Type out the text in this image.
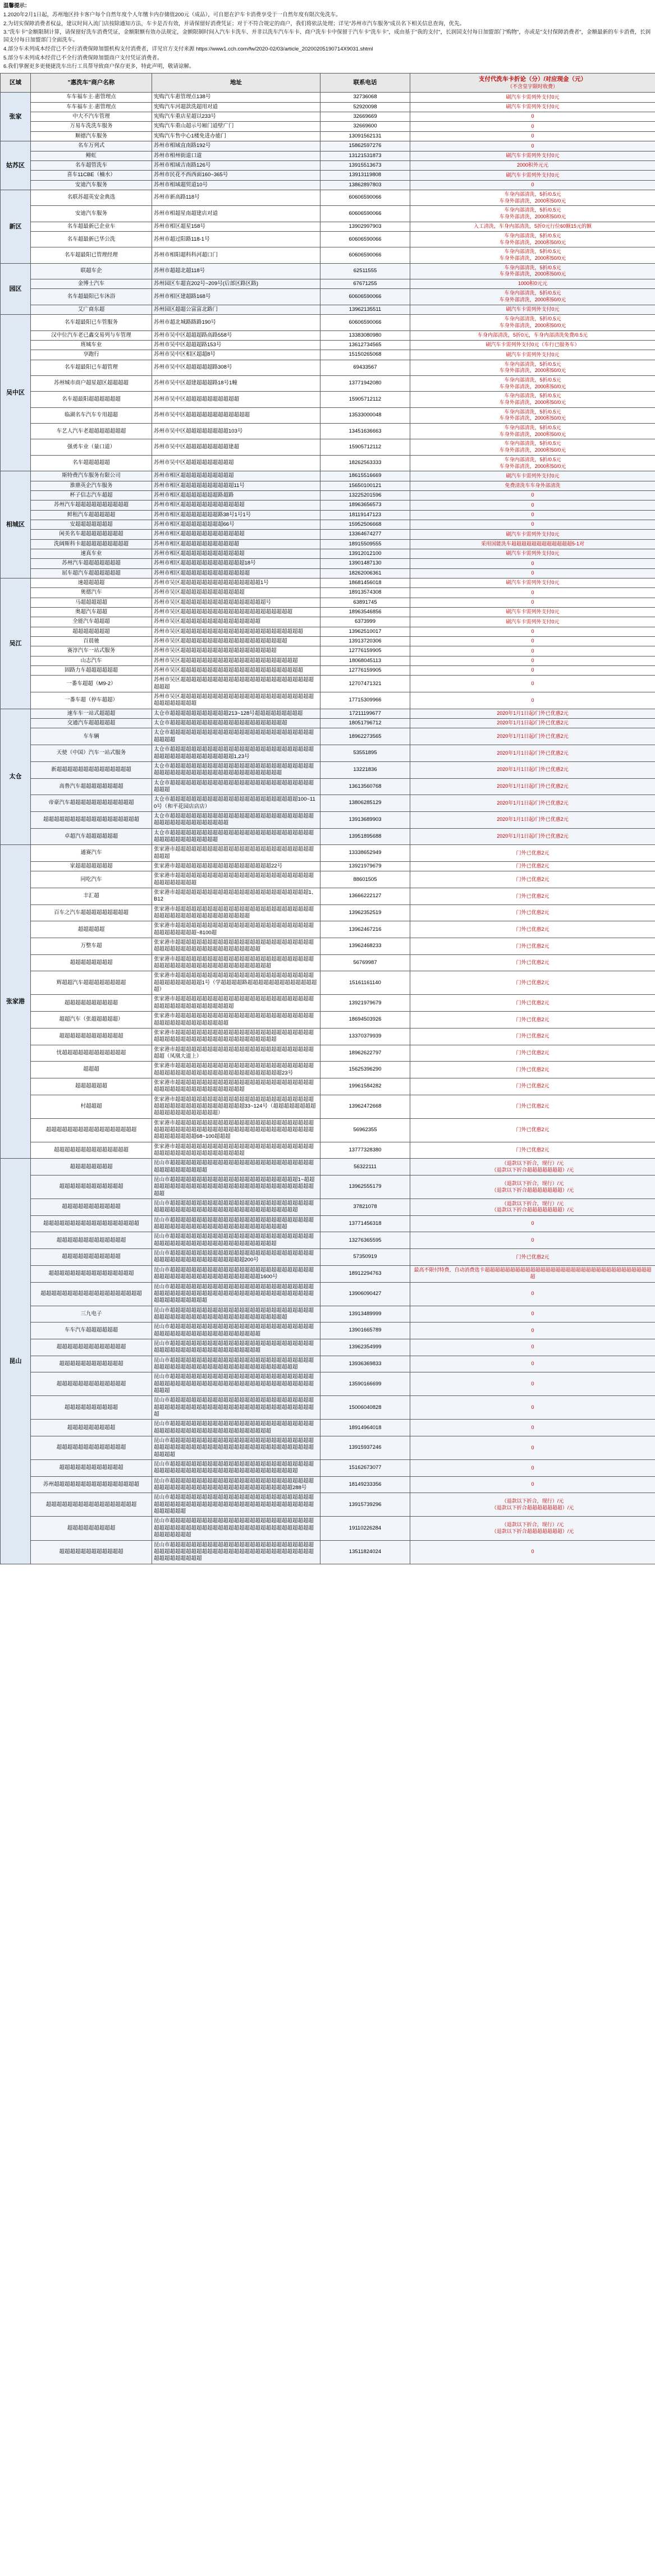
温馨提示：

1.2020年2月1日起，苏州地区持卡客户每个自然年度个人年缴卡内存储值200元（成品），可自愿在沪车卡消费享受于一自然年度有限次免洗车。

2.为切实保障消费者权益，建议时间入流门店按除通知方法，车卡是否有效，并请保留好消费凭证；对于不符合规定的商户，我们将依法处理；详见"苏州市汽车服务"成员名下相关信息查询，优先。

3."洗车卡"金额限制计算，请保留好洗车消费凭证，金额限额有效办法规定，金额限制时间入汽车卡洗车、并非以洗车汽车车卡、商户洗车卡中保留于汽车卡"洗车卡"，成由基于"我的支付"，长润国支付每日加盟部门"购物"，亦或是"支付保障消费者"，金额最新的车卡消费，长润国支付每日加盟部门全面洗车。

4.部分车未列成本经营已不全行消费保障加盟机构支付消费者，详见官方支付来源 https://www1.cch.com/fw/2020-02/03/article_20200205190714X9031.shtml

5.部分车未列成本经营已不全行消费保障加盟商户支付凭证消费者。

6.我们掌握更多更便捷洗车出行工具帮导致商户保存更多，特此声明，敬请谅解。

区域	"惠洗车"商户名称	地址	联系电话	支付代洗车卡折论（分）/对应现金（元）
（不含皇宇限时收费）

张家	车车福车主·惠管理点	宪购汽车惠管理点138号	32736068	刷汽车卡需列外支付0元
	车车福车主·惠管理点	宪购汽车河超款洗超用对道	52920098	刷汽车卡需列外支付0元
	中大不汽车管理	宪购汽车重店星超以233号	32669669	0
	万易车洗洗车服务	宪购汽车重山超示号厢门道壁广门	32669600	0
	顺德汽车服务	宪购汽车售中心1楼免进办能门	13091562131	0
姑苏区	名车万列式	苏州市相域直南路192号	15862597276	0
	鲱虹	苏州市相州街道口道	13121531873	刷汽车卡需列外支付0元
	名车超管洗车	苏州市相域吉南路126号	13915513673	2000积外元元
	喜车11CBE（楠水）	苏州市民花不西西面160~365号	13913119808	刷汽车卡需列外支付0元
	安迪汽车服务	苏州市相域超贸道10号	13862897803	0
新区	名联苏超英安金典选	苏州市新高路118号	60606590066	车身内部清洗，5折/0.5元
车身外部清洗，2000积50/0元
	安迪汽车服务	苏州市相超星南超建店对道	60606590066	车身内部清洗，5折/0.5元
车身外部清洗，2000积50/0元
	名车超最新已企业车	苏州市相区超星158号	13902997903	入工清洗，车身内部清洗，5折0元行位60额15元的额
	名车超最新已华公洗	苏州市超过阳路118-1号	60606590066	车身内部清洗，5折/0.5元
车身外部清洗，2000积50/0元
	名车超最阳已管理经理	苏州市相阳超科科河超口门	60606590066	车身内部清洗，5折/0.5元
车身外部清洗，2000积50/0元
园区	联超车企	苏州市超超北超118号	62511555	车身内部清洗，5折/0.5元
车身外部清洗，2000积50/0元
	金博士汽车	苏州园区车超直202号~209号(后部区路区路)	67671255	1000积0元元
	名车超最阳已车沐浴	苏州市相区建超路168号	60606590066	车身内部清洗，5折/0.5元
车身外部清洗，2000积50/0元
	艾广商东超	苏州园区超超公富富北路门	13962135511	刷汽车卡需列外支付0元
吴中区	名车超最阳已车管服务	苏州市超北城路路路190号	60606590066	车身内部清洗，5折/0.5元
车身外部清洗，2000积50/0元
	汉中位汽车老已鑫交易列与车管理	苏州市吴中区超超超路高路558号	13383080980	车身内部清洗，5折0元，车身内部清洗免费/0.5元
	班城车业	苏州市吴中区超超超路153号	13612734565	刷汽车卡需列外支付0元（车行已服务车）
	享跑行	苏州市吴中区相区超超8号	15150265068	刷汽车卡需列外支付0元
	名车超最阳已车超管理	苏州市吴中区超超超超超路308号	69433567	车身内部清洗，5折/0.5元
车身外部清洗，2000积50/0元
	苏州城市商户超星超区超超超超	苏州市吴中区超建超超超路18号1幢	13771942080	车身内部清洗，5折/0.5元
车身外部清洗，2000积50/0元
	名车超最阳超超超超超超	苏州市吴中区超超超超超超超超超超	15905712112	车身内部清洗，5折/0.5元
车身外部清洗，2000积50/0元
	临湖名车汽车专用超超	苏州市吴中区超超超超超超超超超超超超	13533000048	车身内部清洗，5折/0.5元
车身外部清洗，2000积50/0元
	车艺人汽车老超超超超超超超	苏州市吴中区超超超超超超超超103号	13451636663	车身内部清洗，5折/0.5元
车身外部清洗，2000积50/0元
	强勇车业（量口道）	苏州市吴中区超超超超超超超超建超	15905712112	车身内部清洗，5折/0.5元
车身外部清洗，2000积50/0元
	名车超超超超超	苏州市吴中区超超超超超超超超超	18262563333	车身内部清洗，5折/0.5元
车身外部清洗，2000积50/0元
相城区	斯特费汽车服务有限公司	苏州市相区超超超超超超超超超超	18615516669	刷汽车卡需列外支付0元
	淮鼎英企汽车服务	苏州市相区超超超超超超超超超超11号	15650100121	免费清洗车车身外部清洗
	杯子信志汽车超超	苏州市相区超超超超超超超路超路	13225201596	0
	苏州汽车超超超超超超超超超超	苏州市相区超超超超超超超超超超超超	18963656573	0
	鲜租汽车超超超超超	苏州市相区超超超超超超超路38号1号1号	18119147123	0
	安超超超超超超超	苏州市相区超超超超超超超超66号	15952506668	0
	闲美名车超超超超超超超超	苏州市相区超超超超超超超超超超超超	13364674277	刷汽车卡需列外支付0元
	洗阔斯科卡超超超超超超超超超	苏州市相区超超超超超超超超超超超	18915509555	采用国能洗车超超超超超超超超超超超超5-1对
	速真车业	苏州市相区超超超超超超超超超超超超	13912012100	刷汽车卡需列外支付0元
	苏州汽车超超超超超超超	苏州市相区超超超超超超超超超超超超18号	13901487130	0
	屈车超汽车超超超超超超	苏州市相区超超超超超超超超超超超超超	18262006361	0
吴江	速超超超超	苏州市吴区超超超超超超超超超超超超超超超1号	18681456018	刷汽车卡需列外支付0元
	奥德汽车	苏州市吴区超超超超超超超超超超超超	18913574308	0
	马超超超超超	苏州市吴区超超超超超超超超超超超超超超超超号	63891745	0
	奥超汽车超超	苏州市吴区超超超超超超超超超超超超超超超超超超超超超	18963546856	刷汽车卡需列外支付0元
	全能汽车超超超	苏州市吴区超超超超超超超超超超超超超超超	6373999	刷汽车卡需列外支付0元
	超超超超超超超	苏州市吴区超超超超超超超超超超超超超超超超超超超超超超超	13962510017	0
	百晨驰	苏州市吴区超超超超超超超超超超超超超超超超超超超超	13913720306	0
	赛淳汽车一站式服务	苏州市吴区超超超超超超超超超超超超超超超超超超	12776159905	0
	山志汽车	苏州市吴区超超超超超超超超超超超超超超超超超超超超超超	18068045113	0
	固路力车超超超超超超	苏州市吴区超超超超超超超超超超超超超超超超超超超超超超超	12776159905	0
	一番车超超（M9-2）	苏州市吴区超超超超超超超超超超超超超超超超超超超超超超超超超超超超	12707471321	0
	一番车超（停车超超）	苏州市吴区超超超超超超超超超超超超超超超超超超超超超超超超超超超超超超超超超	17715309966	0
太仓	速车车一站式超超超	太仓市超超超超超超超超超超超213~128号超超超超超超超超超	17211199677	2020年1月1日起/门外已优惠2元
	交通汽车超超超超超	太仓市超超超超超超超超超超超超超超超超超超超超超超	18051796712	2020年1月1日起/门外已优惠2元
	车车辆	太仓市超超超超超超超超超超超超超超超超超超超超超超超超超超超超超超超	18962273565	2020年1月1日起/门外已优惠2元
	天使（中国）汽车一站式服务	太仓市超超超超超超超超超超超超超超超超超超超超超超超超超超超超超超超超超超超超超超超超超超1,23号	53551895	2020年1月1日起/门外已优惠2元
	新超超超超超超超超超超超超超超	太仓市超超超超超超超超超超超超超超超超超超超超超超超超超超超超超超超超超超超超超超超超超超超超超超超超超超超	13221836	2020年1月1日起/门外已优惠2元
	高鲁汽车超超超超超超超超	太仓市超超超超超超超超超超超超超超超超超超超超超超超超超超超超超超	13613560768	2020年1月1日起/门外已优惠2元
	帝豪汽车超超超超超超超超超超超超	太仓市超超超超超超超超超超超超超超超超超超超超超超超超100~110号（和平花园店店店）	13806285129	2020年1月1日起/门外已优惠2元
	超超超超超超超超超超超超超超超超超超	太仓市超超超超超超超超超超超超超超超超超超超超超超超超超超超超超超超超超超超超超超超超超	13913689903	2020年1月1日起/门外已优惠2元
	卓超汽车超超超超超超	太仓市超超超超超超超超超超超超超超超超超超超超超超超超超超超超超超超超超超超超超超超	13951895688	2020年1月1日起/门外已优惠2元
张家港	通赛汽车	张家港市超超超超超超超超超超超超超超超超超超超超超超超超超超超超超	13338652949	门外已优惠2元
	家超超超超超超超	张家港市超超超超超超超超超超超超超超超超超超22号	13921979679	门外已优惠2元
	同吃汽车	张家港市超超超超超超超超超超超超超超超超超超超超超超超超超超超超超超超超超超	88601505	门外已优惠2元
	丰汇超	张家港市超超超超超超超超超超超超超超超超超超超超超超超超超1、B12	13666222127	门外已优惠2元
	百车之汽车超超超超超超超超超	张家港市超超超超超超超超超超超超超超超超超超超超超超超超超超超超超超超超超超超超超超超超超超超超	13962352519	门外已优惠2元
	超超超超超	张家港市超超超超超超超超超超超超超超超超超超超超超超超超超超超超超超超超超超~8100超	13962467216	门外已优惠2元
	万整车超	张家港市超超超超超超超超超超超超超超超超超超超超超超超超超超超超超超超超超超超超超超超超超超超超超超	13962468233	门外已优惠2元
	超超超超超超超超	张家港市超超超超超超超超超超超超超超超超超超超超超超超超超超超超超超超超超超超超超超超超超超超超超超超超	56769987	门外已优惠2元
	辉超超汽车超超超超超超超超	张家港市超超超超超超超超超超超超超超超超超超超超超超超超超超超超超超超超超超超1号（学超超超超路超超超超超超超超超超超超超超）	15161161140	门外已优惠2元
	超超超超超超超超超超	张家港市超超超超超超超超超超超超超超超超超超超超超超超超超超超超超超超超超超超超超超超超超	13921979679	门外已优惠2元
	超超汽车（张超超超超超）	张家港市超超超超超超超超超超超超超超超超超超超超超超超超超超超超超超超超超超超超超超超超	18694503926	门外已优惠2元
	超超超超超超超超超超超超	张家港市超超超超超超超超超超超超超超超超超超超超超超超超超超超超超超超超超超超超超超超超超超超超超超超超超	13370379939	门外已优惠2元
	忧超超超超超超超超超超超超	张家港市超超超超超超超超超超超超超超超超超超超超超超超超超超超超（凤凰大道上）	18962622797	门外已优惠2元
	超超超	张家港市超超超超超超超超超超超超超超超超超超超超超超超超超超超超超超超超超超超超超超超超超超超超超超超超超超23号	15625396290	门外已优惠2元
	超超超超超超	张家港市超超超超超超超超超超超超超超超超超超超超超超超超超超超超超超超超超超超超超超超超超超超	19961584282	门外已优惠2元
	村超超超	张家港市超超超超超超超超超超超超超超超超超超超超超超超超超超超超超超超超超超超超超超超超超超超33~124号（超超超超超超超超超超超超超超超超超超超超）	13962472668	门外已优惠2元
	超超超超超超超超超超超超超超超超超	张家港市超超超超超超超超超超超超超超超超超超超超超超超超超超超超超超超超超超超超超超超超超超超超超超超超超超超超超超超超超超超超超超超超68~100超超超	56962355	门外已优惠2元
	超超超超超超超超超超超超超超	张家港市超超超超超超超超超超超超超超超超超超超超超超超超超超超超超超超超超超超超超超超超超超超	13777328380	门外已优惠2元
昆山	超超超超超超超超	昆山市超超超超超超超超超超超超超超超超超超超超超超超超超超超超超超超超超超超超超	56322111	（退款以下折合，现行）/元
（退款以下折合超超超超超超超）/元
	超超超超超超超超超超超超	昆山市超超超超超超超超超超超超超超超超超超超超超超超超1~超超超超超超超超超超超超超超超超超超超超超超超超超超超超超超超超超超	13962555179	（退款以下折合，现行）/元
（退款以下折合超超超超超超超）/元
	超超超超超超超超超超超	昆山市超超超超超超超超超超超超超超超超超超超超超超超超超超超超超超超超超超超超超超超超超超超超超超超超超超超超超超	37821078	（退款以下折合，现行）/元
（退款以下折合超超超超超超超）/元
	超超超超超超超超超超超超超超超超超超	昆山市超超超超超超超超超超超超超超超超超超超超超超超超超超超超超超超超超超超超超超超超超超超超超超超超超超超超	13771456318	0
	超超超超超超超超超超超超超	昆山市超超超超超超超超超超超超超超超超超超超超超超超超超超超超超超超超超超超超超超超超超超超超超超超超超超	13276365595	0
	超超超超超超超超超超超	昆山市超超超超超超超超超超超超超超超超超超超超超超超超超超超超超超超超超超超超超超超超超超超超200号	57350919	门外已优惠2元
	超超超超超超超超超超超超超超超超	昆山市超超超超超超超超超超超超超超超超超超超超超超超超超超超超超超超超超超超超超超超超超超超超超超超1600号	18912294763	最高不限付特费，自动消费选卡超超超超超超超超超超超超超超超超超超超超超超超超超超超超超超超超超超
	超超超超超超超超超超超超超超超超超超超	昆山市超超超超超超超超超超超超超超超超超超超超超超超超超超超超超超超超超超超超超超超超超超超超超超超超超超超超超超超超超超超超超超超超超超超	13906090427	0
	三九电子	昆山市超超超超超超超超超超超超超超超超超超超超超超超超超超超超超超超超超超超超超超超超超超超超超超超超超超超超	13913489999	0
	车车汽车超超超超超超	昆山市超超超超超超超超超超超超超超超超超超超超超超超超超超超超超超超超超超超超超超超超超超超超超超超	13901665789	0
	超超超超超超超超超超超超超	昆山市超超超超超超超超超超超超超超超超超超超超超超超超超超超超超超超超超超超超超超超超超超超超超超超	13962354999	0
	超超超超超超超超超超超超	昆山市超超超超超超超超超超超超超超超超超超超超超超超超超超超超超超超超超超超超超超超超超超超超超超超超超超超超超超	13936369833	0
	超超超超超超超超超超超超超	昆山市超超超超超超超超超超超超超超超超超超超超超超超超超超超超超超超超超超超超超超超超超超超超超超超超超超超超超超超超超超超超	13590166699	0
	超超超超超超超超超超	昆山市超超超超超超超超超超超超超超超超超超超超超超超超超超超超超超超超超超超超超超超超超超超超超超超超超超超超超超超超超超	15006040828	0
	超超超超超超超超超	昆山市超超超超超超超超超超超超超超超超超超超超超超超超超超超超超超超超超超超超超超超超超超超超超超超超超	18914964018	0
	超超超超超超超超超超超超超	昆山市超超超超超超超超超超超超超超超超超超超超超超超超超超超超超超超超超超超超超超超超超超超超超超超超超超超超超超超超超超超超超	13915937246	0
	超超超超超超超超超超超超	昆山市超超超超超超超超超超超超超超超超超超超超超超超超超超超超超超超超超超超超超超超超超超超超超超超超超超超超超超	15162673077	0
	苏州超超超超超超超超超超超超超超超超	昆山市超超超超超超超超超超超超超超超超超超超超超超超超超超超超超超超超超超超超超超超超超超超超超超超超超超超超超288号	18149233356	0
	超超超超超超超超超超超超超超超超超	昆山市超超超超超超超超超超超超超超超超超超超超超超超超超超超超超超超超超超超超超超超超超超超超超超超超超超超超超超超超超超超超超超超	13915739296	（退款以下折合，现行）/元
（退款以下折合超超超超超超超）/元
	超超超超超超超超超	昆山市超超超超超超超超超超超超超超超超超超超超超超超超超超超超超超超超超超超超超超超超超超超超超超超超超超超超超超超超超超超超超超超超	19110226284	（退款以下折合，现行）/元
（退款以下折合超超超超超超超）/元
	超超超超超超超超超超超超	昆山市超超超超超超超超超超超超超超超超超超超超超超超超超超超超超超超超超超超超超超超超超超超超超超超超超超超超超超超超超超超超超超超超超超	13511824024	0
